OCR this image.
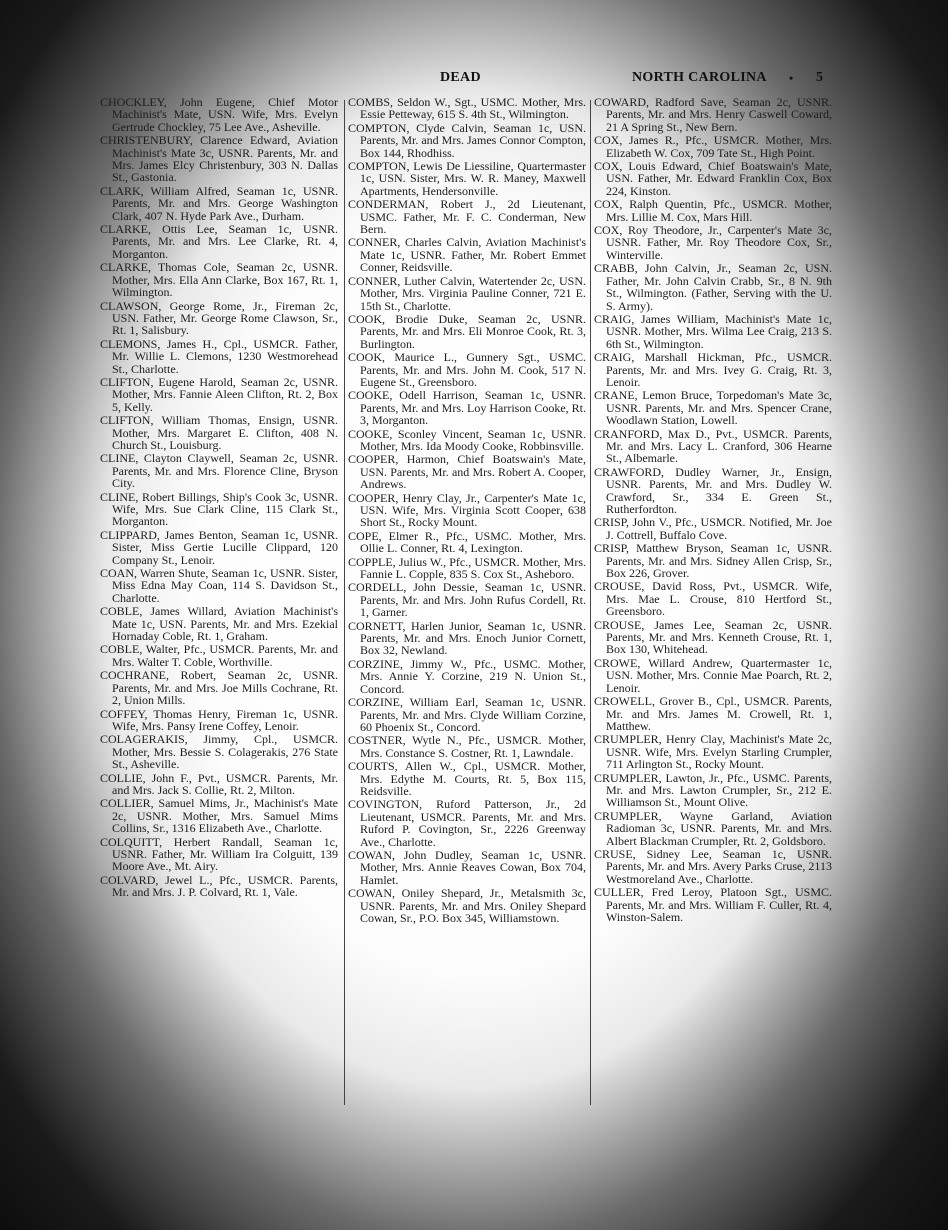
DEAD	NORTH CAROLINA • 5

CHOCKLEY, John Eugene, Chief Motor Machinist's Mate, USN. Wife, Mrs. Evelyn Gertrude Chockley, 75 Lee Ave., Asheville.

CHRISTENBURY, Clarence Edward, Aviation Machinist's Mate 3c, USNR. Parents, Mr. and Mrs. James Elcy Christenbury, 303 N. Dallas St., Gastonia.

CLARK, William Alfred, Seaman 1c, USNR. Parents, Mr. and Mrs. George Washington Clark, 407 N. Hyde Park Ave., Durham.

CLARKE, Ottis Lee, Seaman 1c, USNR. Parents, Mr. and Mrs. Lee Clarke, Rt. 4, Morganton.

CLARKE, Thomas Cole, Seaman 2c, USNR. Mother, Mrs. Ella Ann Clarke, Box 167, Rt. 1, Wilmington.

CLAWSON, George Rome, Jr., Fireman 2c, USN. Father, Mr. George Rome Clawson, Sr., Rt. 1, Salisbury.

CLEMONS, James H., Cpl., USMCR. Father, Mr. Willie L. Clemons, 1230 Westmorehead St., Charlotte.

CLIFTON, Eugene Harold, Seaman 2c, USNR. Mother, Mrs. Fannie Aleen Clifton, Rt. 2, Box 5, Kelly.

CLIFTON, William Thomas, Ensign, USNR. Mother, Mrs. Margaret E. Clifton, 408 N. Church St., Louisburg.

CLINE, Clayton Claywell, Seaman 2c, USNR. Parents, Mr. and Mrs. Florence Cline, Bryson City.

CLINE, Robert Billings, Ship's Cook 3c, USNR. Wife, Mrs. Sue Clark Cline, 115 Clark St., Morganton.

CLIPPARD, James Benton, Seaman 1c, USNR. Sister, Miss Gertie Lucille Clippard, 120 Company St., Lenoir.

COAN, Warren Shute, Seaman 1c, USNR. Sister, Miss Edna May Coan, 114 S. Davidson St., Charlotte.

COBLE, James Willard, Aviation Machinist's Mate 1c, USN. Parents, Mr. and Mrs. Ezekial Hornaday Coble, Rt. 1, Graham.

COBLE, Walter, Pfc., USMCR. Parents, Mr. and Mrs. Walter T. Coble, Worthville.

COCHRANE, Robert, Seaman 2c, USNR. Parents, Mr. and Mrs. Joe Mills Cochrane, Rt. 2, Union Mills.

COFFEY, Thomas Henry, Fireman 1c, USNR. Wife, Mrs. Pansy Irene Coffey, Lenoir.

COLAGERAKIS, Jimmy, Cpl., USMCR. Mother, Mrs. Bessie S. Colagerakis, 276 State St., Asheville.

COLLIE, John F., Pvt., USMCR. Parents, Mr. and Mrs. Jack S. Collie, Rt. 2, Milton.

COLLIER, Samuel Mims, Jr., Machinist's Mate 2c, USNR. Mother, Mrs. Samuel Mims Collins, Sr., 1316 Elizabeth Ave., Charlotte.

COLQUITT, Herbert Randall, Seaman 1c, USNR. Father, Mr. William Ira Colguitt, 139 Moore Ave., Mt. Airy.

COLVARD, Jewel L., Pfc., USMCR. Parents, Mr. and Mrs. J. P. Colvard, Rt. 1, Vale.

COMBS, Seldon W., Sgt., USMC. Mother, Mrs. Essie Petteway, 615 S. 4th St., Wilmington.

COMPTON, Clyde Calvin, Seaman 1c, USN. Parents, Mr. and Mrs. James Connor Compton, Box 144, Rhodhiss.

COMPTON, Lewis De Liessiline, Quartermaster 1c, USN. Sister, Mrs. W. R. Maney, Maxwell Apartments, Hendersonville.

CONDERMAN, Robert J., 2d Lieutenant, USMC. Father, Mr. F. C. Conderman, New Bern.

CONNER, Charles Calvin, Aviation Machinist's Mate 1c, USNR. Father, Mr. Robert Emmet Conner, Reidsville.

CONNER, Luther Calvin, Watertender 2c, USN. Mother, Mrs. Virginia Pauline Conner, 721 E. 15th St., Charlotte.

COOK, Brodie Duke, Seaman 2c, USNR. Parents, Mr. and Mrs. Eli Monroe Cook, Rt. 3, Burlington.

COOK, Maurice L., Gunnery Sgt., USMC. Parents, Mr. and Mrs. John M. Cook, 517 N. Eugene St., Greensboro.

COOKE, Odell Harrison, Seaman 1c, USNR. Parents, Mr. and Mrs. Loy Harrison Cooke, Rt. 3, Morganton.

COOKE, Sconley Vincent, Seaman 1c, USNR. Mother, Mrs. Ida Moody Cooke, Robbinsville.

COOPER, Harmon, Chief Boatswain's Mate, USN. Parents, Mr. and Mrs. Robert A. Cooper, Andrews.

COOPER, Henry Clay, Jr., Carpenter's Mate 1c, USN. Wife, Mrs. Virginia Scott Cooper, 638 Short St., Rocky Mount.

COPE, Elmer R., Pfc., USMC. Mother, Mrs. Ollie L. Conner, Rt. 4, Lexington.

COPPLE, Julius W., Pfc., USMCR. Mother, Mrs. Fannie L. Copple, 835 S. Cox St., Asheboro.

CORDELL, John Dessie, Seaman 1c, USNR. Parents, Mr. and Mrs. John Rufus Cordell, Rt. 1, Garner.

CORNETT, Harlen Junior, Seaman 1c, USNR. Parents, Mr. and Mrs. Enoch Junior Cornett, Box 32, Newland.

CORZINE, Jimmy W., Pfc., USMC. Mother, Mrs. Annie Y. Corzine, 219 N. Union St., Concord.

CORZINE, William Earl, Seaman 1c, USNR. Parents, Mr. and Mrs. Clyde William Corzine, 60 Phoenix St., Concord.

COSTNER, Wytle N., Pfc., USMCR. Mother, Mrs. Constance S. Costner, Rt. 1, Lawndale.

COURTS, Allen W., Cpl., USMCR. Mother, Mrs. Edythe M. Courts, Rt. 5, Box 115, Reidsville.

COVINGTON, Ruford Patterson, Jr., 2d Lieutenant, USMCR. Parents, Mr. and Mrs. Ruford P. Covington, Sr., 2226 Greenway Ave., Charlotte.

COWAN, John Dudley, Seaman 1c, USNR. Mother, Mrs. Annie Reaves Cowan, Box 704, Hamlet.

COWAN, Oniley Shepard, Jr., Metalsmith 3c, USNR. Parents, Mr. and Mrs. Oniley Shepard Cowan, Sr., P.O. Box 345, Williamstown.

COWARD, Radford Save, Seaman 2c, USNR. Parents, Mr. and Mrs. Henry Caswell Coward, 21 A Spring St., New Bern.

COX, James R., Pfc., USMCR. Mother, Mrs. Elizabeth W. Cox, 709 Tate St., High Point.

COX, Louis Edward, Chief Boatswain's Mate, USN. Father, Mr. Edward Franklin Cox, Box 224, Kinston.

COX, Ralph Quentin, Pfc., USMCR. Mother, Mrs. Lillie M. Cox, Mars Hill.

COX, Roy Theodore, Jr., Carpenter's Mate 3c, USNR. Father, Mr. Roy Theodore Cox, Sr., Winterville.

CRABB, John Calvin, Jr., Seaman 2c, USN. Father, Mr. John Calvin Crabb, Sr., 8 N. 9th St., Wilmington. (Father, Serving with the U. S. Army).

CRAIG, James William, Machinist's Mate 1c, USNR. Mother, Mrs. Wilma Lee Craig, 213 S. 6th St., Wilmington.

CRAIG, Marshall Hickman, Pfc., USMCR. Parents, Mr. and Mrs. Ivey G. Craig, Rt. 3, Lenoir.

CRANE, Lemon Bruce, Torpedoman's Mate 3c, USNR. Parents, Mr. and Mrs. Spencer Crane, Woodlawn Station, Lowell.

CRANFORD, Max D., Pvt., USMCR. Parents, Mr. and Mrs. Lacy L. Cranford, 306 Hearne St., Albemarle.

CRAWFORD, Dudley Warner, Jr., Ensign, USNR. Parents, Mr. and Mrs. Dudley W. Crawford, Sr., 334 E. Green St., Rutherfordton.

CRISP, John V., Pfc., USMCR. Notified, Mr. Joe J. Cottrell, Buffalo Cove.

CRISP, Matthew Bryson, Seaman 1c, USNR. Parents, Mr. and Mrs. Sidney Allen Crisp, Sr., Box 226, Grover.

CROUSE, David Ross, Pvt., USMCR. Wife, Mrs. Mae L. Crouse, 810 Hertford St., Greensboro.

CROUSE, James Lee, Seaman 2c, USNR. Parents, Mr. and Mrs. Kenneth Crouse, Rt. 1, Box 130, Whitehead.

CROWE, Willard Andrew, Quartermaster 1c, USN. Mother, Mrs. Connie Mae Poarch, Rt. 2, Lenoir.

CROWELL, Grover B., Cpl., USMCR. Parents, Mr. and Mrs. James M. Crowell, Rt. 1, Matthew.

CRUMPLER, Henry Clay, Machinist's Mate 2c, USNR. Wife, Mrs. Evelyn Starling Crumpler, 711 Arlington St., Rocky Mount.

CRUMPLER, Lawton, Jr., Pfc., USMC. Parents, Mr. and Mrs. Lawton Crumpler, Sr., 212 E. Williamson St., Mount Olive.

CRUMPLER, Wayne Garland, Aviation Radioman 3c, USNR. Parents, Mr. and Mrs. Albert Blackman Crumpler, Rt. 2, Goldsboro.

CRUSE, Sidney Lee, Seaman 1c, USNR. Parents, Mr. and Mrs. Avery Parks Cruse, 2113 Westmoreland Ave., Charlotte.

CULLER, Fred Leroy, Platoon Sgt., USMC. Parents, Mr. and Mrs. William F. Culler, Rt. 4, Winston-Salem.
